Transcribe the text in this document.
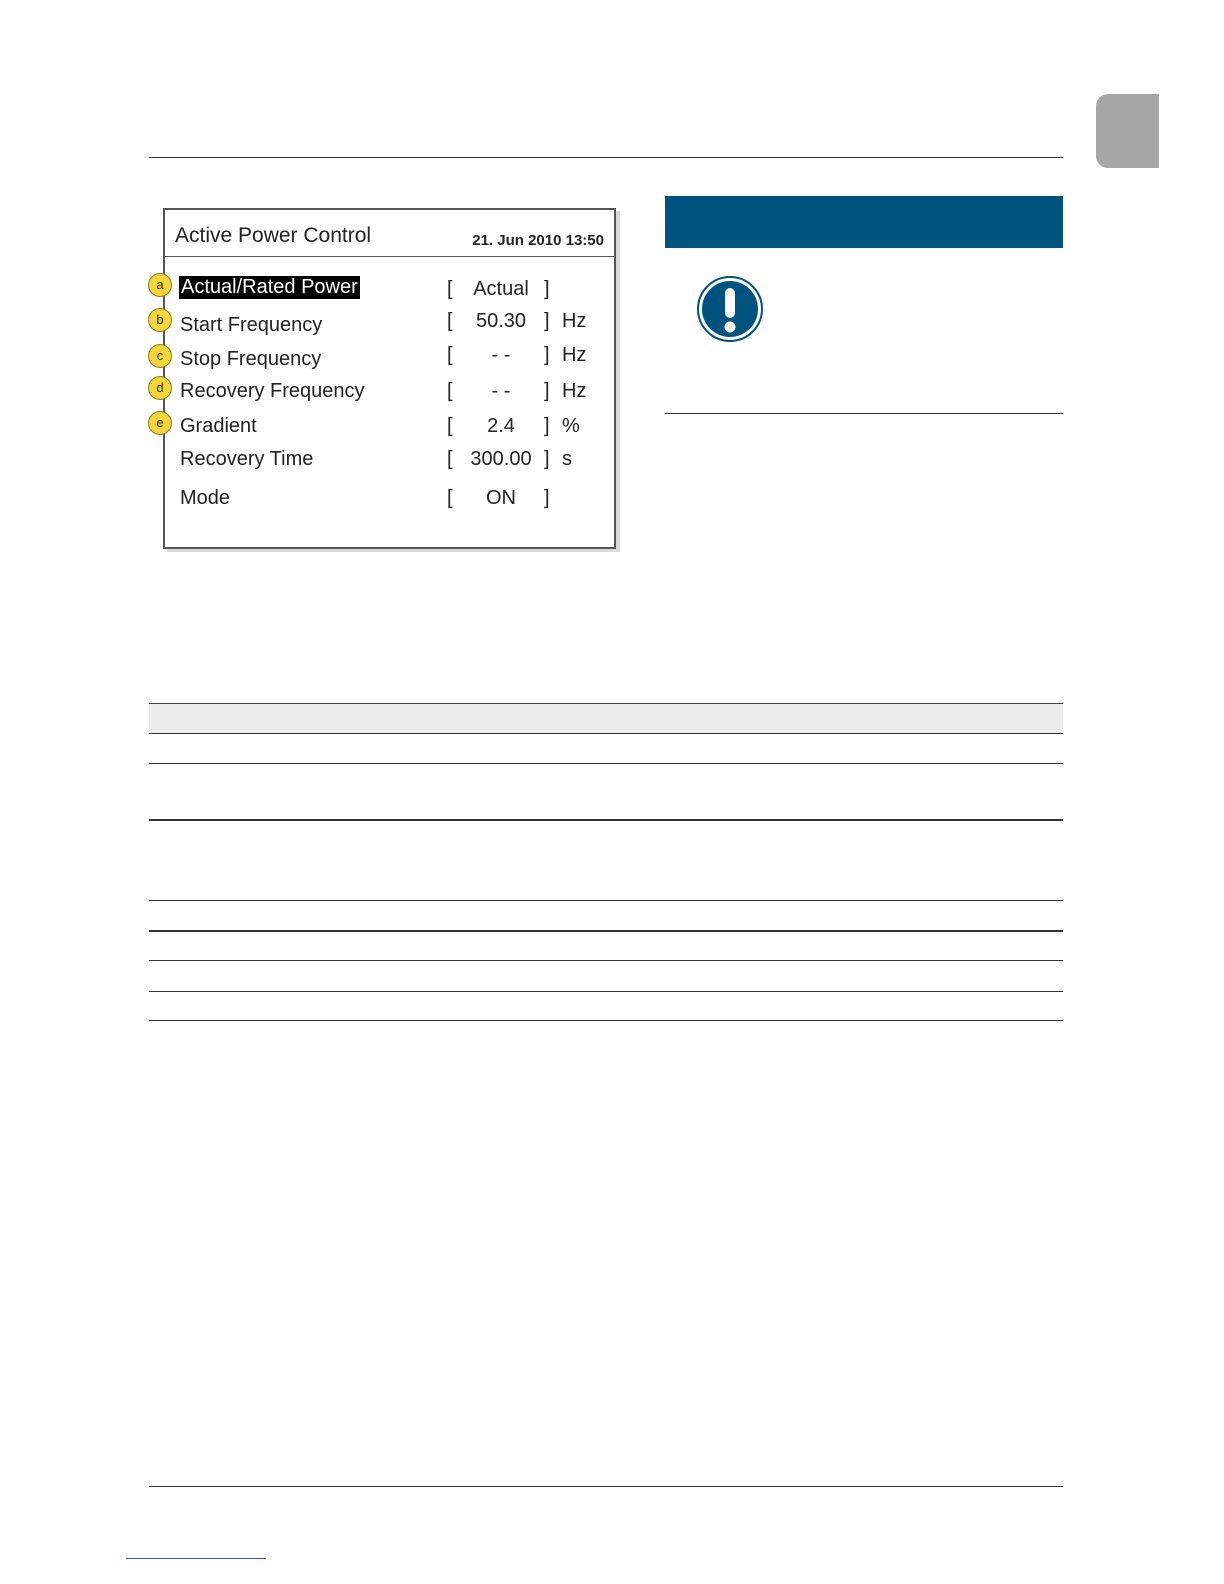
Active Power Control	21. Jun 2010 13:50
Actual/Rated Power	[	Actual ]
Start Frequency	[	50.30 ] Hz
Stop Frequency	[	- -	] Hz
Recovery Frequency	[	- -	] Hz
Gradient	[	2.4	] %
Recovery Time	[ 300.00 ] s
Mode	[	ON	]
a
b
c
d
e
